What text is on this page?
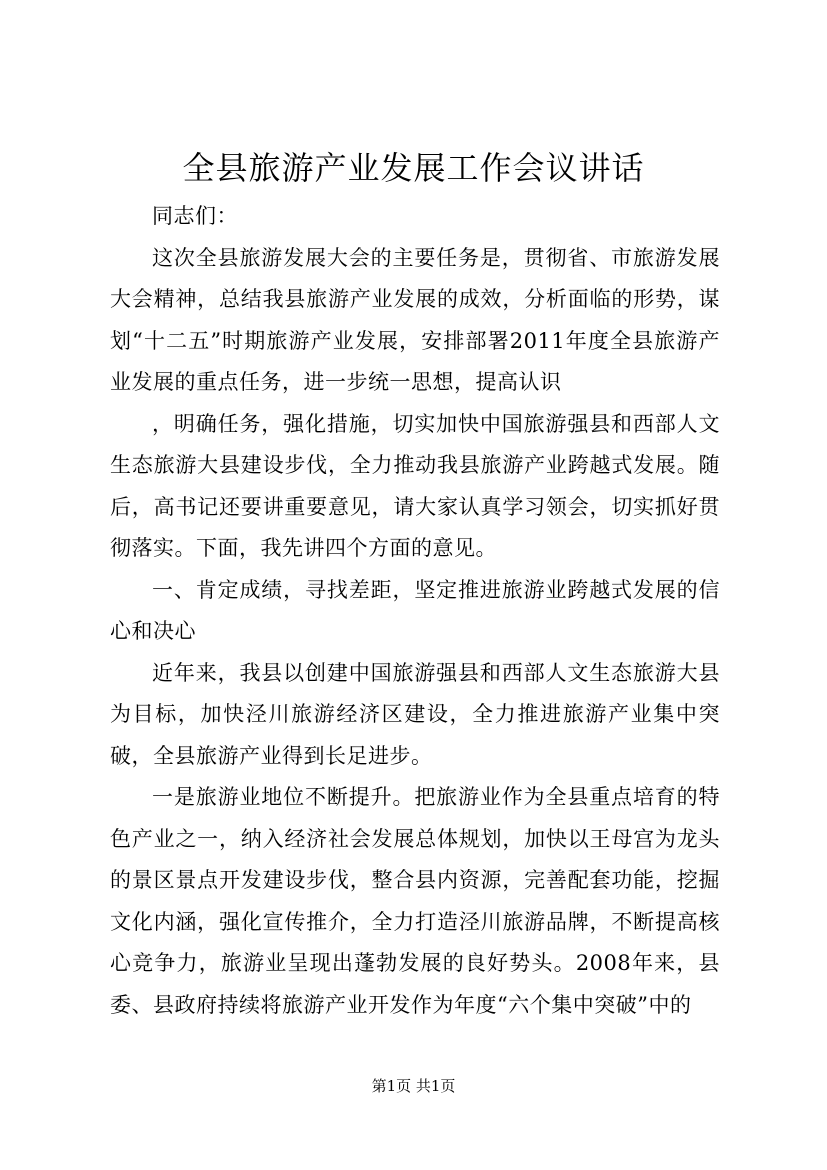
全县旅游产业发展工作会议讲话

同志们：

这次全县旅游发展大会的主要任务是，贯彻省、市旅游发展大会精神，总结我县旅游产业发展的成效，分析面临的形势，谋划“十二五”时期旅游产业发展，安排部署2011年度全县旅游产业发展的重点任务，进一步统一思想，提高认识

，明确任务，强化措施，切实加快中国旅游强县和西部人文生态旅游大县建设步伐，全力推动我县旅游产业跨越式发展。随后，高书记还要讲重要意见，请大家认真学习领会，切实抓好贯彻落实。下面，我先讲四个方面的意见。

一、肯定成绩，寻找差距，坚定推进旅游业跨越式发展的信心和决心

近年来，我县以创建中国旅游强县和西部人文生态旅游大县为目标，加快泾川旅游经济区建设，全力推进旅游产业集中突破，全县旅游产业得到长足进步。

一是旅游业地位不断提升。把旅游业作为全县重点培育的特色产业之一，纳入经济社会发展总体规划，加快以王母宫为龙头的景区景点开发建设步伐，整合县内资源，完善配套功能，挖掘文化内涵，强化宣传推介，全力打造泾川旅游品牌，不断提高核心竞争力，旅游业呈现出蓬勃发展的良好势头。2008年来，县委、县政府持续将旅游产业开发作为年度“六个集中突破”中的

第1页 共1页
